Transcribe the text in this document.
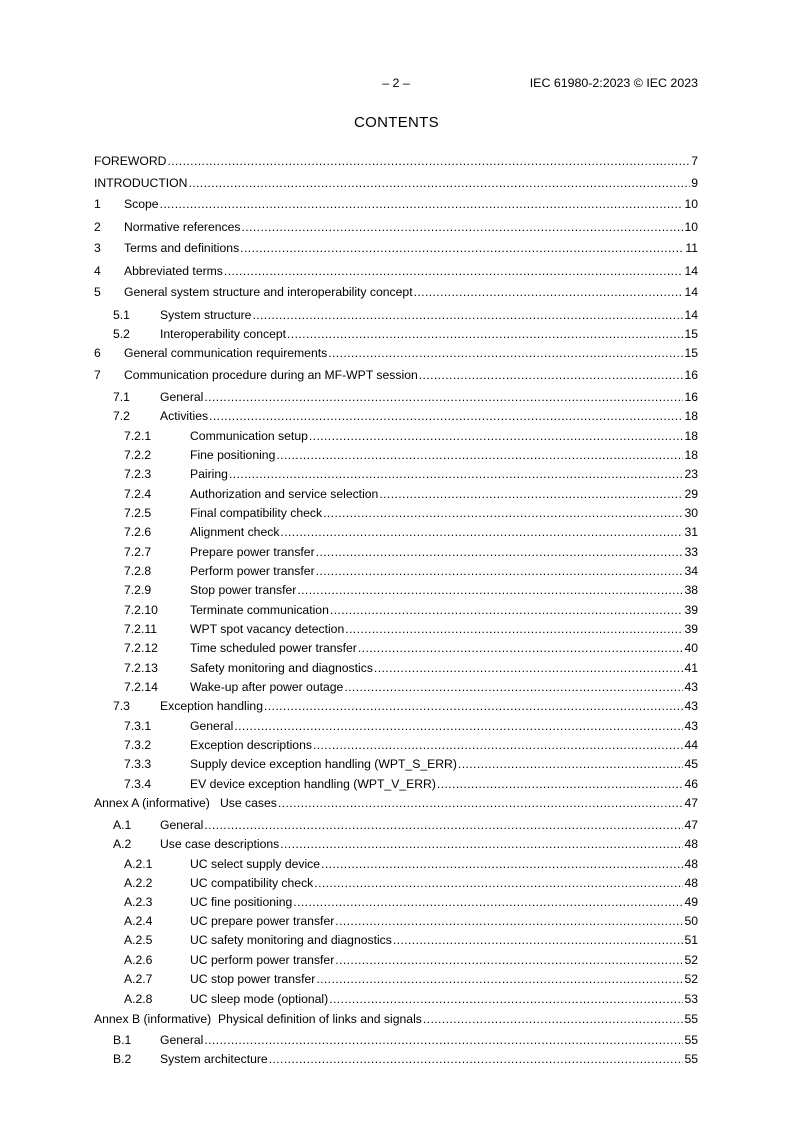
– 2 –	IEC 61980-2:2023 © IEC 2023
CONTENTS
FOREWORD .....	7
INTRODUCTION .....	9
1	Scope .....	10
2	Normative references .....	10
3	Terms and definitions .....	11
4	Abbreviated terms .....	14
5	General system structure and interoperability concept .....	14
5.1	System structure .....	14
5.2	Interoperability concept .....	15
6	General communication requirements .....	15
7	Communication procedure during an MF-WPT session .....	16
7.1	General .....	16
7.2	Activities .....	18
7.2.1	Communication setup .....	18
7.2.2	Fine positioning .....	18
7.2.3	Pairing .....	23
7.2.4	Authorization and service selection .....	29
7.2.5	Final compatibility check .....	30
7.2.6	Alignment check .....	31
7.2.7	Prepare power transfer .....	33
7.2.8	Perform power transfer .....	34
7.2.9	Stop power transfer .....	38
7.2.10	Terminate communication .....	39
7.2.11	WPT spot vacancy detection .....	39
7.2.12	Time scheduled power transfer .....	40
7.2.13	Safety monitoring and diagnostics .....	41
7.2.14	Wake-up after power outage .....	43
7.3	Exception handling .....	43
7.3.1	General .....	43
7.3.2	Exception descriptions .....	44
7.3.3	Supply device exception handling (WPT_S_ERR) .....	45
7.3.4	EV device exception handling (WPT_V_ERR) .....	46
Annex A (informative)   Use cases .....	47
A.1	General .....	47
A.2	Use case descriptions .....	48
A.2.1	UC select supply device .....	48
A.2.2	UC compatibility check .....	48
A.2.3	UC fine positioning .....	49
A.2.4	UC prepare power transfer .....	50
A.2.5	UC safety monitoring and diagnostics .....	51
A.2.6	UC perform power transfer .....	52
A.2.7	UC stop power transfer .....	52
A.2.8	UC sleep mode (optional) .....	53
Annex B (informative)  Physical definition of links and signals .....	55
B.1	General .....	55
B.2	System architecture .....	55
